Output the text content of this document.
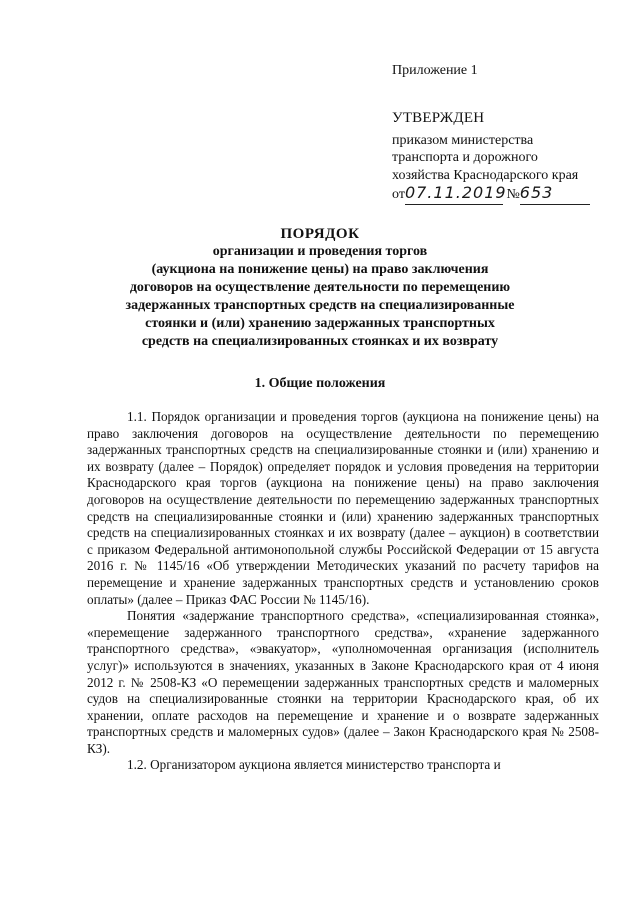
Приложение 1
УТВЕРЖДЕН
приказом министерства
транспорта и дорожного
хозяйства Краснодарского края
от07.11.2019 №653
ПОРЯДОК
организации и проведения торгов
(аукциона на понижение цены) на право заключения
договоров на осуществление деятельности по перемещению
задержанных транспортных средств на специализированные
стоянки и (или) хранению задержанных транспортных
средств на специализированных стоянках и их возврату
1. Общие положения

1.1. Порядок организации и проведения торгов (аукциона на понижение цены) на право заключения договоров на осуществление деятельности по перемещению задержанных транспортных средств на специализированные стоянки и (или) хранению и их возврату (далее – Порядок) определяет порядок и условия проведения на территории Краснодарского края торгов (аукциона на понижение цены) на право заключения договоров на осуществление деятельности по перемещению задержанных транспортных средств на специализированные стоянки и (или) хранению задержанных транспортных средств на специализированных стоянках и их возврату (далее – аукцион) в соответствии с приказом Федеральной антимонопольной службы Российской Федерации от 15 августа 2016 г. № 1145/16 «Об утверждении Методических указаний по расчету тарифов на перемещение и хранение задержанных транспортных средств и установлению сроков оплаты» (далее – Приказ ФАС России № 1145/16).

Понятия «задержание транспортного средства», «специализированная стоянка», «перемещение задержанного транспортного средства», «хранение задержанного транспортного средства», «эвакуатор», «уполномоченная организация (исполнитель услуг)» используются в значениях, указанных в Законе Краснодарского края от 4 июня 2012 г. № 2508-КЗ «О перемещении задержанных транспортных средств и маломерных судов на специализированные стоянки на территории Краснодарского края, об их хранении, оплате расходов на перемещение и хранение и о возврате задержанных транспортных средств и маломерных судов» (далее – Закон Краснодарского края № 2508-КЗ).

1.2. Организатором аукциона является министерство транспорта и
